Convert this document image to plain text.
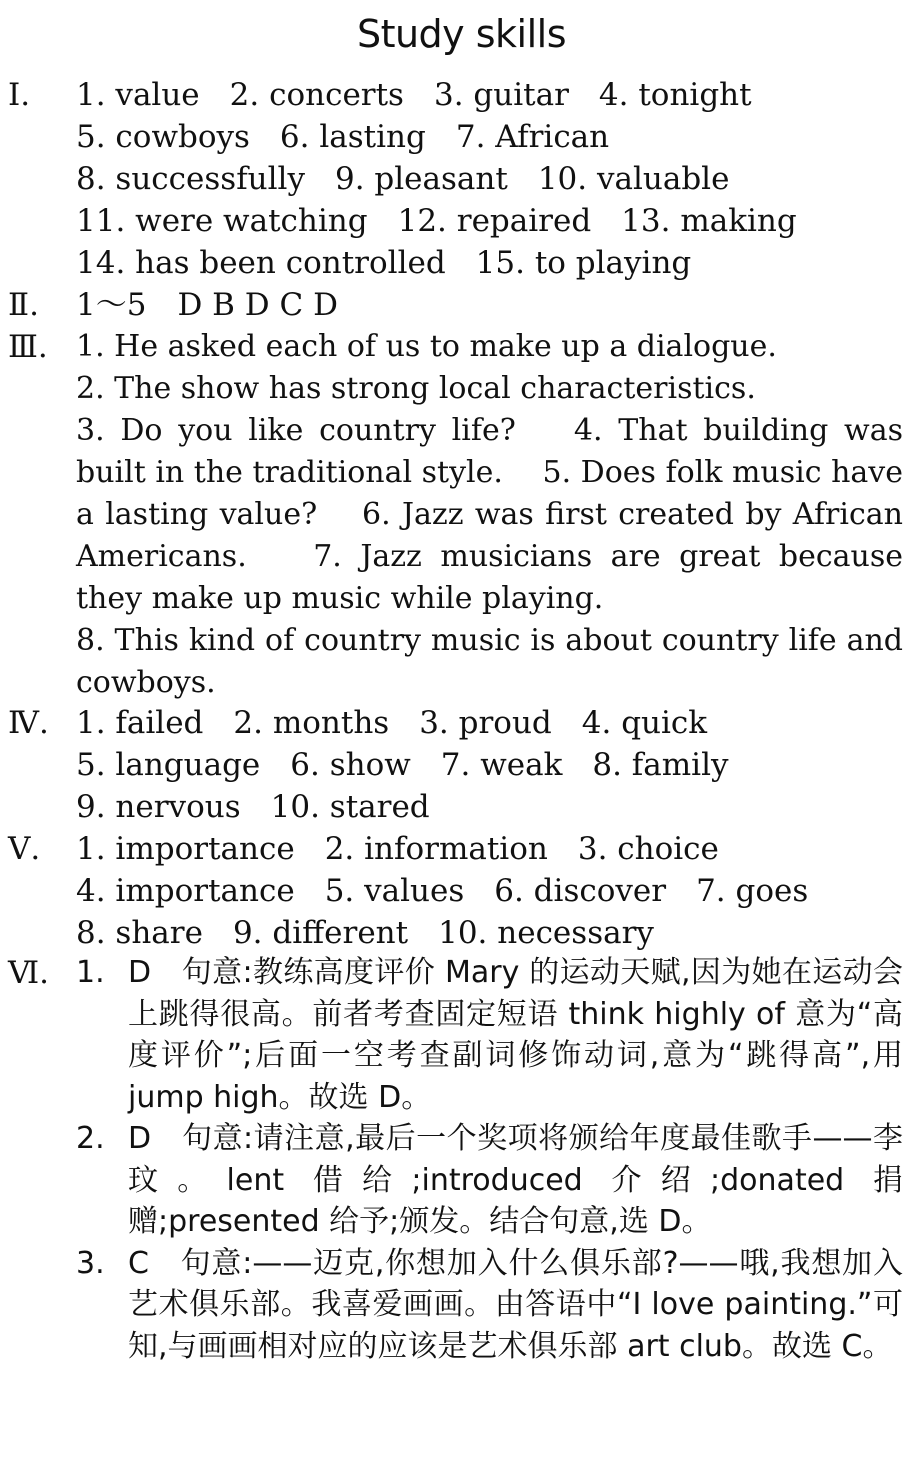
Study skills
Ⅰ.	1. value 2. concerts 3. guitar 4. tonight
5. cowboys 6. lasting 7. African
8. successfully 9. pleasant 10. valuable
11. were watching 12. repaired 13. making
14. has been controlled 15. to playing
Ⅱ.	1～5　D B D C D
Ⅲ. 1. He asked each of us to make up a dialogue.
2. The show has strong local characteristics.
3. Do you like country life?　 4. That building was built in the traditional style.　 5. Does folk music have a lasting value?　 6. Jazz was first created by African Americans.　 7. Jazz musicians are great because they make up music while playing.
8. This kind of country music is about country life and cowboys.
Ⅳ. 1. failed 2. months 3. proud 4. quick
5. language 6. show 7. weak 8. family
9. nervous 10. stared
Ⅴ.	1. importance 2. information 3. choice
4. importance 5. values 6. discover 7. goes
8. share 9. different 10. necessary
Ⅵ. 1. D　句意:教练高度评价 Mary 的运动天赋,因为她在运动会上跳得很高。前者考查固定短语 think highly of 意为“高度评价”;后面一空考查副词修饰动词,意为“跳得高”,用 jump high。故选 D。
2. D　句意:请注意,最后一个奖项将颁给年度最佳歌手——李玟。lent 借给;introduced 介绍;donated 捐赠;presented 给予;颁发。结合句意,选 D。
3. C　句意:——迈克,你想加入什么俱乐部?——哦,我想加入艺术俱乐部。我喜爱画画。由答语中“I love painting.”可知,与画画相对应的应该是艺术俱乐部 art club。故选 C。
